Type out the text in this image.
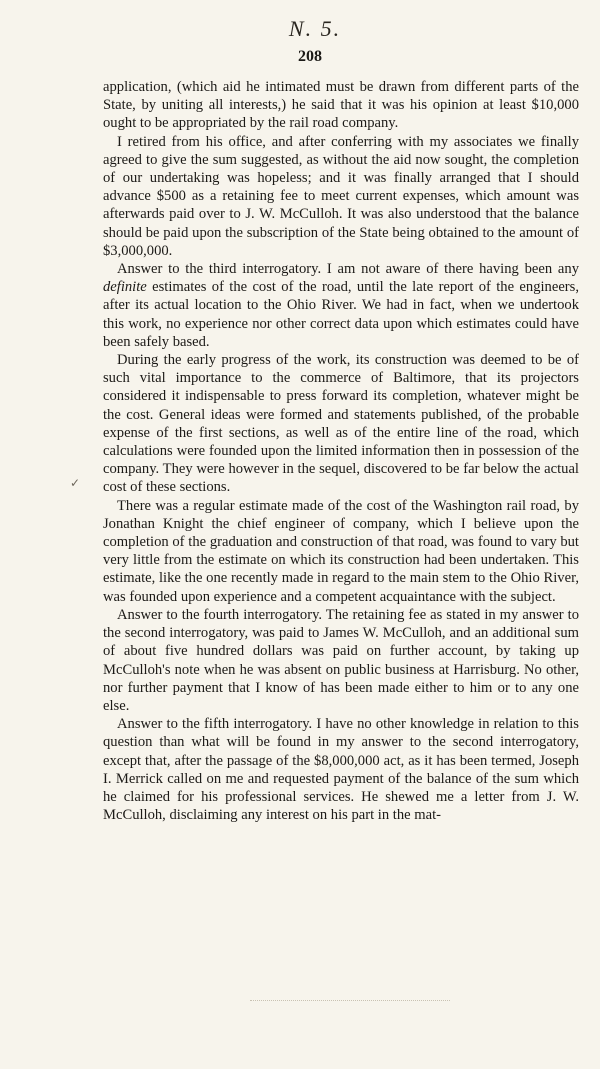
N. 5.
208
✓

application, (which aid he intimated must be drawn from different parts of the State, by uniting all interests,) he said that it was his opinion at least $10,000 ought to be appropriated by the rail road company.

I retired from his office, and after conferring with my associates we finally agreed to give the sum suggested, as without the aid now sought, the completion of our undertaking was hopeless; and it was finally arranged that I should advance $500 as a retaining fee to meet current expenses, which amount was afterwards paid over to J. W. McCulloh. It was also understood that the balance should be paid upon the subscription of the State being obtained to the amount of $3,000,000.

Answer to the third interrogatory. I am not aware of there having been any definite estimates of the cost of the road, until the late report of the engineers, after its actual location to the Ohio River. We had in fact, when we undertook this work, no experience nor other correct data upon which estimates could have been safely based.

During the early progress of the work, its construction was deemed to be of such vital importance to the commerce of Baltimore, that its projectors considered it indispensable to press forward its completion, whatever might be the cost. General ideas were formed and statements published, of the probable expense of the first sections, as well as of the entire line of the road, which calculations were founded upon the limited information then in possession of the company. They were however in the sequel, discovered to be far below the actual cost of these sections.

There was a regular estimate made of the cost of the Washington rail road, by Jonathan Knight the chief engineer of company, which I believe upon the completion of the graduation and construction of that road, was found to vary but very little from the estimate on which its construction had been undertaken. This estimate, like the one recently made in regard to the main stem to the Ohio River, was founded upon experience and a competent acquaintance with the subject.

Answer to the fourth interrogatory. The retaining fee as stated in my answer to the second interrogatory, was paid to James W. McCulloh, and an additional sum of about five hundred dollars was paid on further account, by taking up McCulloh's note when he was absent on public business at Harrisburg. No other, nor further payment that I know of has been made either to him or to any one else.

Answer to the fifth interrogatory. I have no other knowledge in relation to this question than what will be found in my answer to the second interrogatory, except that, after the passage of the $8,000,000 act, as it has been termed, Joseph I. Merrick called on me and requested payment of the balance of the sum which he claimed for his professional services. He shewed me a letter from J. W. McCulloh, disclaiming any interest on his part in the mat-
